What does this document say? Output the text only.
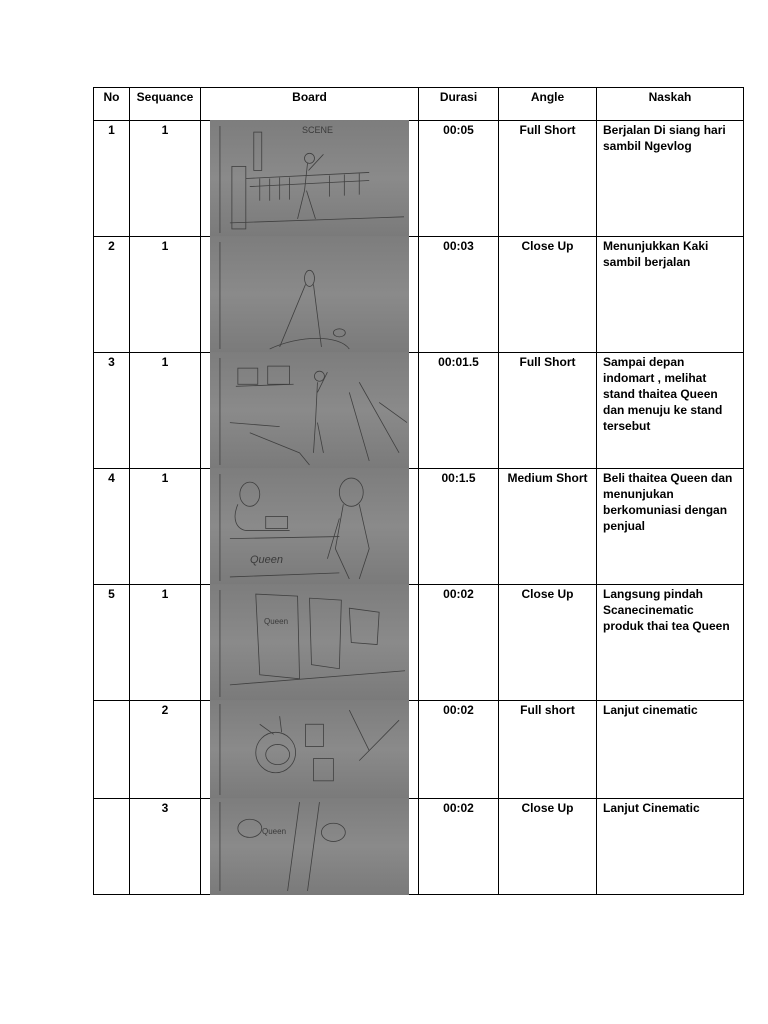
No	Sequance	Board	Durasi	Angle	Naskah
1	1	SCENE	00:05	Full Short	Berjalan Di siang hari sambil Ngevlog
2	1		00:03	Close Up	Menunjukkan Kaki sambil berjalan
3	1		00:01.5	Full Short	Sampai depan indomart , melihat stand thaitea Queen dan menuju ke stand tersebut
4	1	Queen	00:1.5	Medium Short	Beli thaitea Queen dan menunjukan berkomuniasi dengan penjual
5	1	Queen	00:02	Close Up	Langsung pindah Scanecinematic produk thai tea Queen
	2		00:02	Full short	Lanjut cinematic
	3	Queen	00:02	Close Up	Lanjut Cinematic
